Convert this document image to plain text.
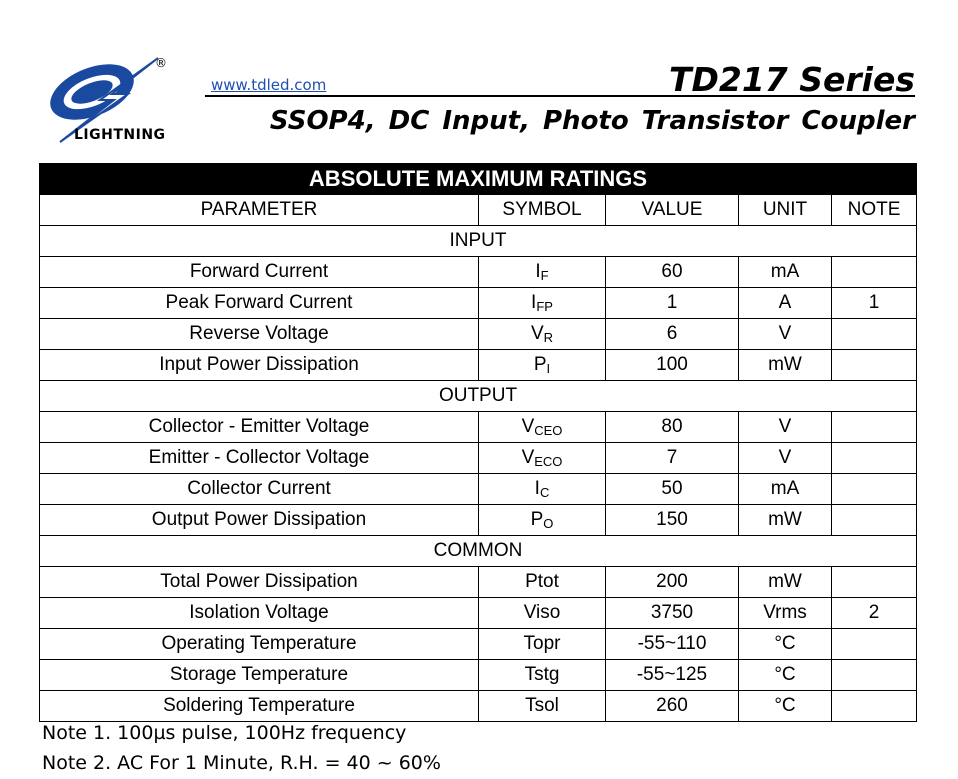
®
LIGHTNING
www.tdled.com	TD217 Series
SSOP4, DC Input, Photo Transistor Coupler
ABSOLUTE MAXIMUM RATINGS				
PARAMETER	SYMBOL	VALUE	UNIT	NOTE
INPUT				
Forward Current	$I_F$	60	mA	
Peak Forward Current	$I_{FP}$	1	A	1
Reverse Voltage	$V_R$	6	V	
Input Power Dissipation	$P_I$	100	mW	
OUTPUT				
Collector - Emitter Voltage	$V_{CEO}$	80	V	
Emitter - Collector Voltage	$V_{ECO}$	7	V	
Collector Current	$I_C$	50	mA	
Output Power Dissipation	$P_O$	150	mW	
COMMON				
Total Power Dissipation	Ptot	200	mW	
Isolation Voltage	Viso	3750	Vrms	2
Operating Temperature	Topr	-55~110	°C	
Storage Temperature	Tstg	-55~125	°C	
Soldering Temperature	Tsol	260	°C	
Note 1. 100µs pulse, 100Hz frequency
Note 2. AC For 1 Minute, R.H. = 40 ~ 60%
